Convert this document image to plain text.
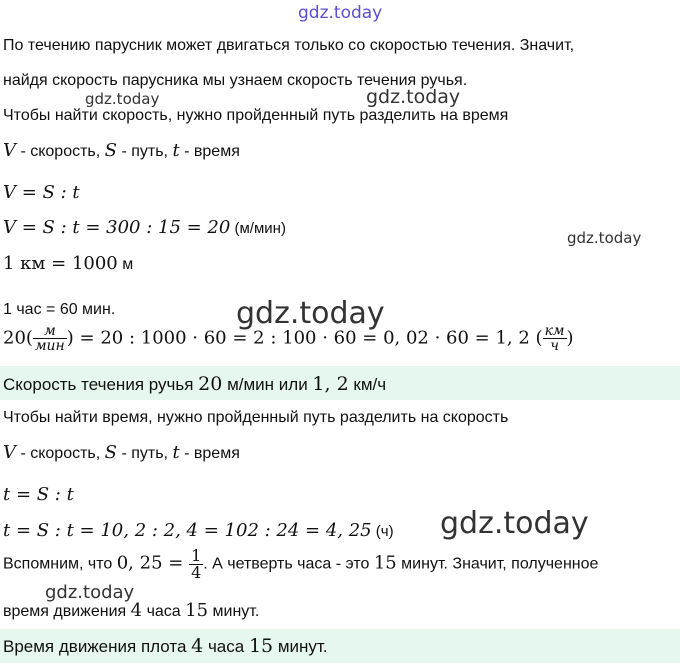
gdz.today
gdz.today	gdz.today
gdz.today
gdz.today
gdz.today
gdz.today
По течению парусник может двигаться только со скоростью течения. Значит,
найдя скорость парусника мы узнаем скорость течения ручья.
Чтобы найти скорость, нужно пройденный путь разделить на время
V - скорость, S - путь, t - время
V = S : t
V = S : t = 300 : 15 = 20 (м/мин)
1 км = 1000 м
1 час = 60 мин.
$20( \frac{м}{\text{мин}}$ ) = 20 : 1000 · 60 = 2 : 100 · 60 = 0, 02 · 60 = 1, 2 ( $\frac{км}{ч}$ )
Скорость течения ручья 20 м/мин или 1, 2 км/ч
Чтобы найти время, нужно пройденный путь разделить на скорость
V - скорость, S - путь, t - время
t = S : t
t = S : t = 10, 2 : 2, 4 = 102 : 24 = 4, 25 (ч)
Вспомним, что 0, $25 = \frac{1}{4}$ . А четверть часа - это 15 минут. Значит, полученное
время движения 4 часа 15 минут.
Время движения плота 4 часа 15 минут.
